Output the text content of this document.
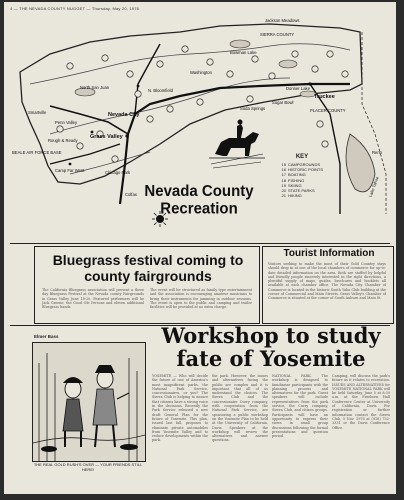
4 — THE NEVADA COUNTY NUGGET — Thursday, May 20, 1976
Jackson Meadows
SIERRA COUNTY
Washington
North San Juan
N. Bloomfield
Nevada City
Grass Valley
Penn Valley
Rough & Ready
BEALE AIR FORCE BASE
Camp Far West
Colfax
Truckee
PLACER COUNTY
Donner Lake
Lake Tahoe
Reno
Sugar Bowl
Soda Springs
Smartville
Chicago Park
Bowman Lake
Nevada County
Recreation
KEY
15 CAMPGROUNDS
16 HISTORIC POINTS
17 BOATING
18 FISHING
19 SKIING
20 STATE PARKS
21 HIKING
Bluegrass festival coming to county fairgrounds
The California Bluegrass association will present a three day Bluegrass Festival at the Nevada county Fairgrounds in Grass Valley June 18-20. Featured performers will be Jack Greene, the Good Ole Persons and eleven additional Bluegrass bands.
The event will be structured as family type entertainment and the association is encouraging amateur musicians to bring their instruments for jamming in outdoor sessions. The event is open to the public and camping and trailer facilities will be provided at no extra charge.
Tourist Information
Visitors seeking to make the most of their Gold Country stays should drop in at one of the local chambers of commerce for up-to-date detailed information on the area. Both are staffed by helpful and friendly people sincerely interested in the right directions, a plentiful supply of maps, guides, brochures and booklets all available at each chamber office. The Nevada City Chamber of Commerce is located in the historic South Yuba Club building at the corner of Commercial and Main Streets. Grass Valley's Chamber of Commerce is situated at the corner of South Auburn and Main St.
Elmer Bass
THE REAL GOLD RUSH'S OVER — YOUR FRIENDS STILL HERE!
Workshop to study fate of Yosemite
YOSEMITE — Who will decide the future of one of America's most magnificent parks, the National Park Service, concessionaires, or you? The Sierra Club is helping to ensure that citizens have a strong voice in the decisions. Recently the Park Service released a new draft General Plan for the future of Yosemite. This plan, issued last fall, proposes to eliminate private automobiles from Yosemite Valley and to reduce developments within the park.
the park. However, the issues and alternatives facing the public are complex and it is important that all of us understand the choices. The Sierra Club and the concessionaire Curry company, with cooperation from the National Park Service, are sponsoring a public workshop on the Yosemite Plan to be held at the University of California, Davis. Speakers at the workshop will review the alternatives and answer questions.
NATIONAL PARK. The workshop is designed to familiarize participants with the planning process and alternatives for the park. Guest speakers will include representatives from the park service, the Curry company, Sierra Club, and citizen groups. Participants will have an opportunity to express their views in small group discussions following the formal presentations and question period.
Camping, will discuss the park's future as it relates to recreation. ISSUES AND ALTERNATIVES for YOSEMITE NATIONAL PARK will be held Saturday, June 5 at 8:30 a.m. at the Freeborn Hall Conference Center at University of California, Davis. For registration or further information contact the Sierra Club, 5 Nov. 1976 at (916) 752-3331 or the Davis Conference Office.
